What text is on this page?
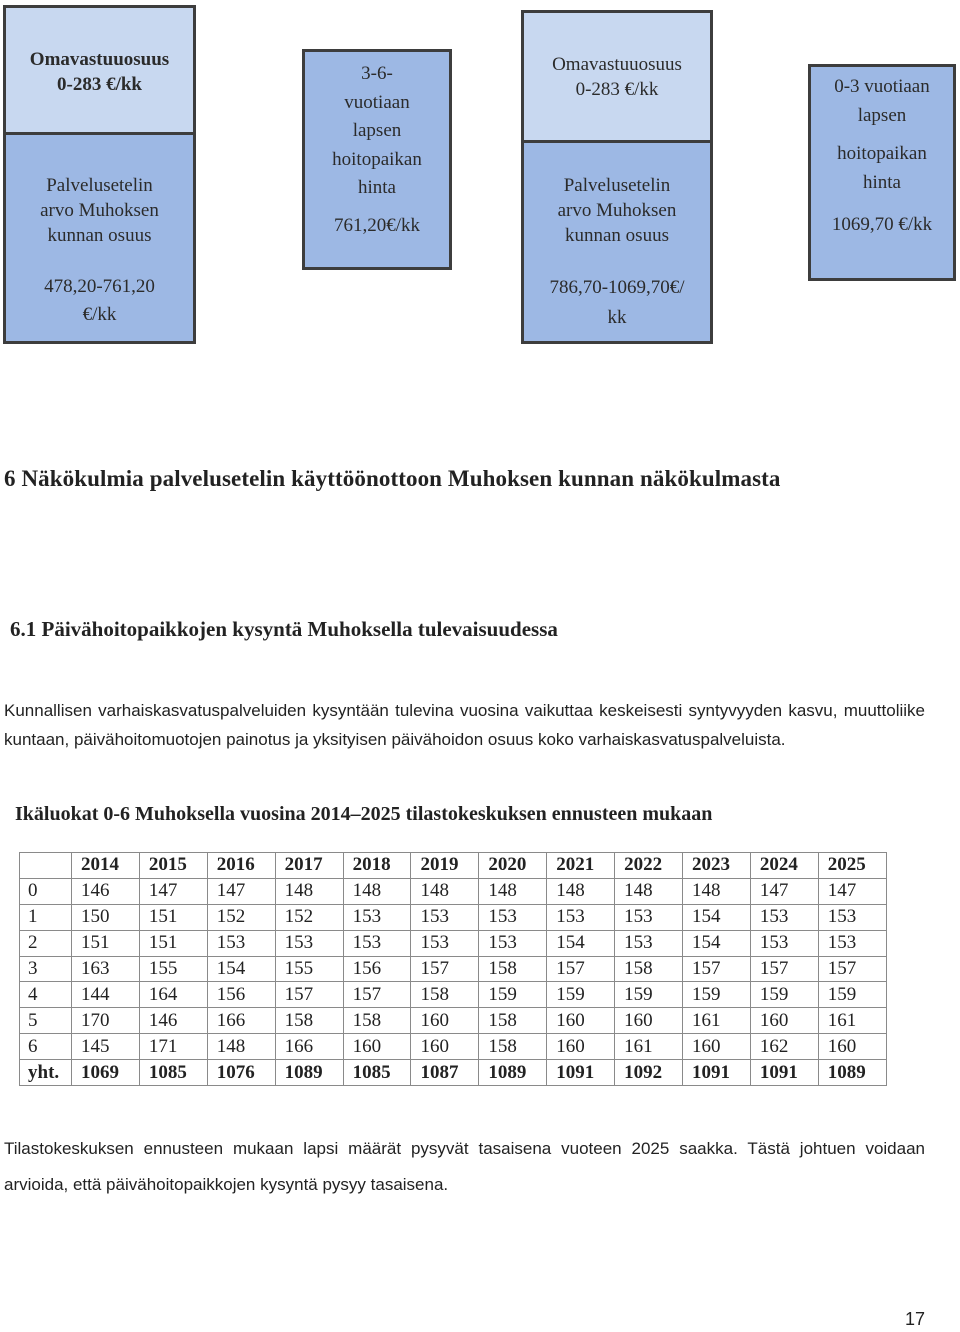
Omavastuuosuus

0-283 €/kk

Palvelusetelin

arvo Muhoksen

kunnan osuus

478,20-761,20

€/kk

3-6-

vuotiaan

lapsen

hoitopaikan

hinta

761,20€/kk

Omavastuuosuus

0-283 €/kk

Palvelusetelin

arvo Muhoksen

kunnan osuus

786,70-1069,70€/

kk

0-3 vuotiaan

lapsen

hoitopaikan

hinta

1069,70 €/kk

6 Näkökulmia palvelusetelin käyttöönottoon Muhoksen kunnan näkökulmasta
6.1 Päivähoitopaikkojen kysyntä Muhoksella tulevaisuudessa

Kunnallisen varhaiskasvatuspalveluiden kysyntään tulevina vuosina vaikuttaa keskeisesti syntyvyyden kasvu, muuttoliike kuntaan, päivähoitomuotojen painotus ja yksityisen päivähoidon osuus koko varhaiskasvatuspalveluista.

Ikäluokat 0-6 Muhoksella vuosina 2014–2025 tilastokeskuksen ennusteen mukaan

	2014	2015	2016	2017	2018	2019	2020	2021	2022	2023	2024	2025
0	146	147	147	148	148	148	148	148	148	148	147	147
1	150	151	152	152	153	153	153	153	153	154	153	153
2	151	151	153	153	153	153	153	154	153	154	153	153
3	163	155	154	155	156	157	158	157	158	157	157	157
4	144	164	156	157	157	158	159	159	159	159	159	159
5	170	146	166	158	158	160	158	160	160	161	160	161
6	145	171	148	166	160	160	158	160	161	160	162	160
yht.	1069	1085	1076	1089	1085	1087	1089	1091	1092	1091	1091	1089

Tilastokeskuksen ennusteen mukaan lapsi määrät pysyvät tasaisena vuoteen 2025 saakka. Tästä johtuen voidaan arvioida, että päivähoitopaikkojen kysyntä pysyy tasaisena.

17
